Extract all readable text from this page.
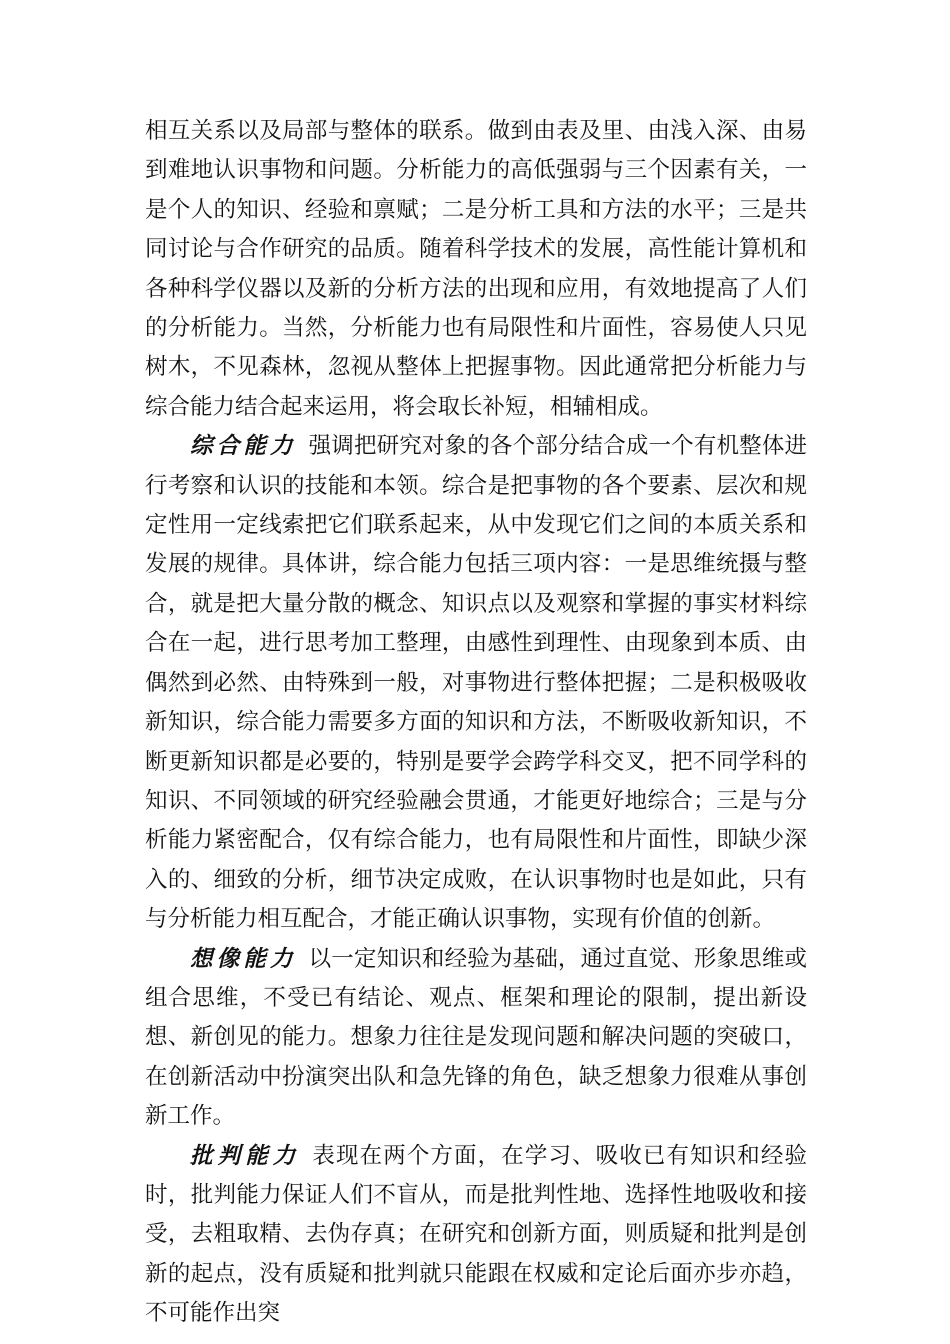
相互关系以及局部与整体的联系。做到由表及里、由浅入深、由易到难地认识事物和问题。分析能力的高低强弱与三个因素有关，一是个人的知识、经验和禀赋；二是分析工具和方法的水平；三是共同讨论与合作研究的品质。随着科学技术的发展，高性能计算机和各种科学仪器以及新的分析方法的出现和应用，有效地提高了人们的分析能力。当然，分析能力也有局限性和片面性，容易使人只见树木，不见森林，忽视从整体上把握事物。因此通常把分析能力与综合能力结合起来运用，将会取长补短，相辅相成。

综合能力 强调把研究对象的各个部分结合成一个有机整体进行考察和认识的技能和本领。综合是把事物的各个要素、层次和规定性用一定线索把它们联系起来，从中发现它们之间的本质关系和发展的规律。具体讲，综合能力包括三项内容：一是思维统摄与整合，就是把大量分散的概念、知识点以及观察和掌握的事实材料综合在一起，进行思考加工整理，由感性到理性、由现象到本质、由偶然到必然、由特殊到一般，对事物进行整体把握；二是积极吸收新知识，综合能力需要多方面的知识和方法，不断吸收新知识，不断更新知识都是必要的，特别是要学会跨学科交叉，把不同学科的知识、不同领域的研究经验融会贯通，才能更好地综合；三是与分析能力紧密配合，仅有综合能力，也有局限性和片面性，即缺少深入的、细致的分析，细节决定成败，在认识事物时也是如此，只有与分析能力相互配合，才能正确认识事物，实现有价值的创新。

想像能力 以一定知识和经验为基础，通过直觉、形象思维或组合思维，不受已有结论、观点、框架和理论的限制，提出新设想、新创见的能力。想象力往往是发现问题和解决问题的突破口，在创新活动中扮演突出队和急先锋的角色，缺乏想象力很难从事创新工作。

批判能力 表现在两个方面，在学习、吸收已有知识和经验时，批判能力保证人们不盲从，而是批判性地、选择性地吸收和接受，去粗取精、去伪存真；在研究和创新方面，则质疑和批判是创新的起点，没有质疑和批判就只能跟在权威和定论后面亦步亦趋，不可能作出突
